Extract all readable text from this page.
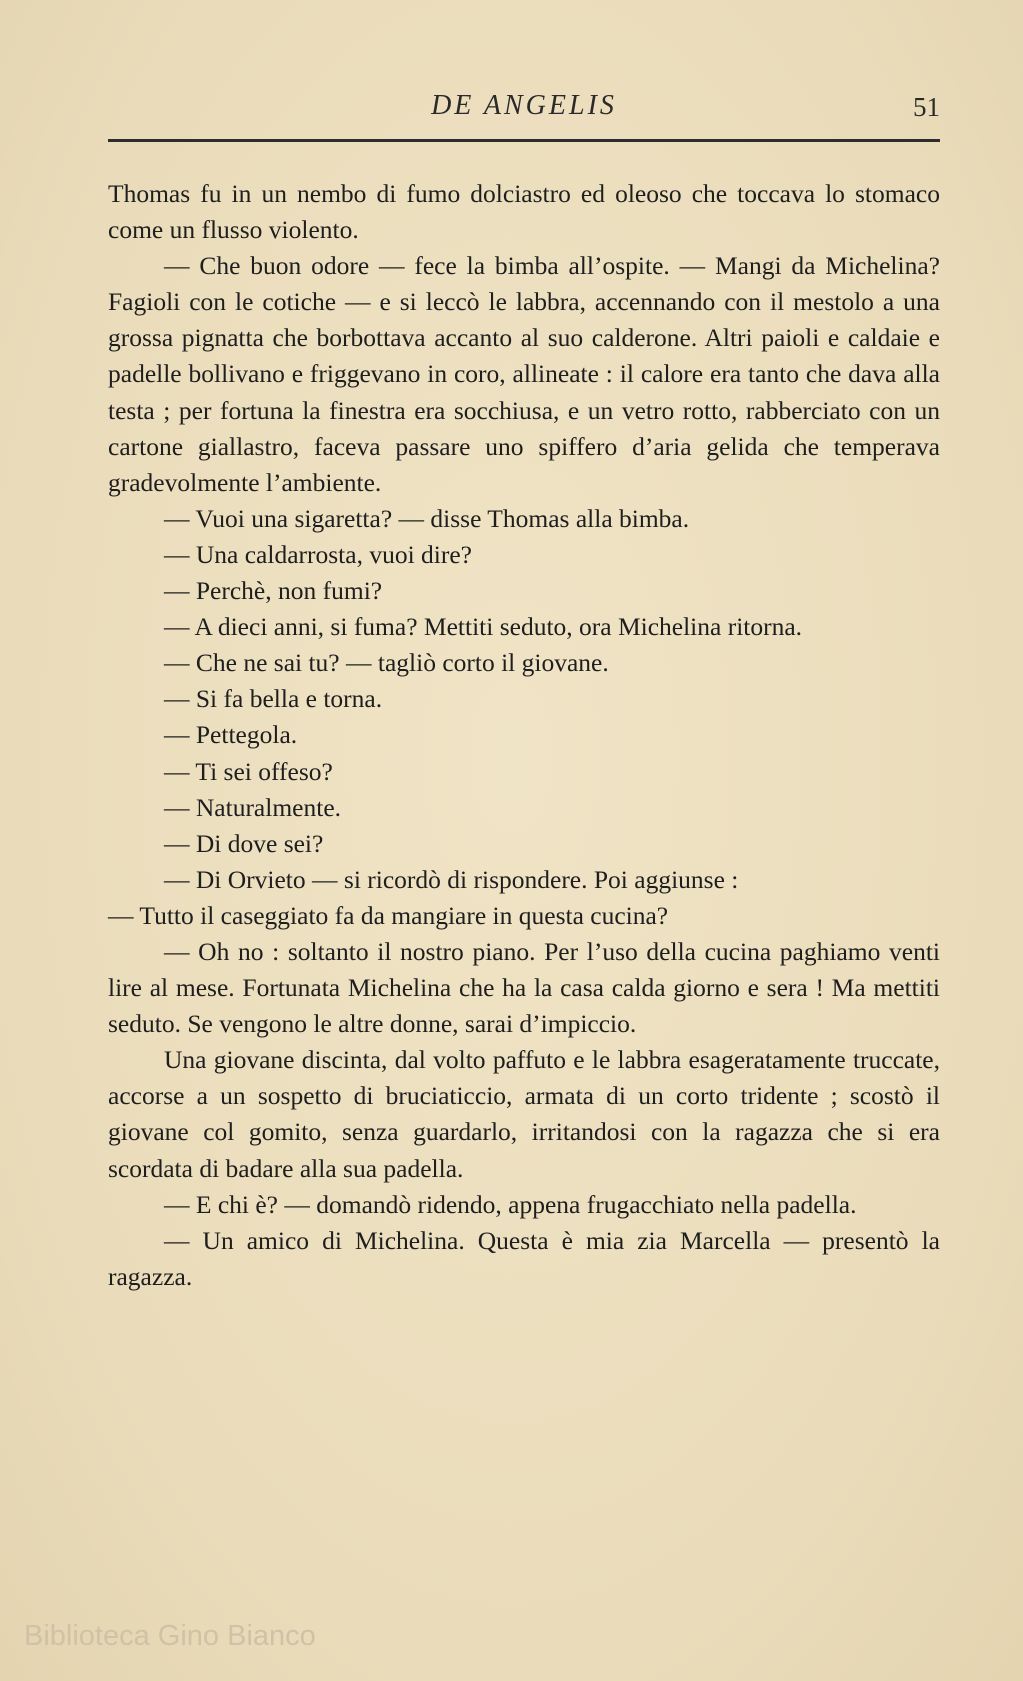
DE ANGELIS	51

Thomas fu in un nembo di fumo dolciastro ed oleoso che toccava lo stomaco come un flusso violento.

— Che buon odore — fece la bimba all’ospite. — Mangi da Michelina? Fagioli con le cotiche — e si leccò le labbra, accennando con il mestolo a una grossa pignatta che borbottava accanto al suo calderone. Altri paioli e caldaie e padelle bollivano e friggevano in coro, allineate : il calore era tanto che dava alla testa ; per fortuna la finestra era socchiusa, e un vetro rotto, rabberciato con un cartone giallastro, faceva passare uno spiffero d’aria gelida che temperava gradevolmente l’ambiente.

— Vuoi una sigaretta? — disse Thomas alla bimba.

— Una caldarrosta, vuoi dire?

— Perchè, non fumi?

— A dieci anni, si fuma? Mettiti seduto, ora Michelina ritorna.

— Che ne sai tu? — tagliò corto il giovane.

— Si fa bella e torna.

— Pettegola.

— Ti sei offeso?

— Naturalmente.

— Di dove sei?

— Di Orvieto — si ricordò di rispondere. Poi aggiunse :

— Tutto il caseggiato fa da mangiare in questa cucina?

— Oh no : soltanto il nostro piano. Per l’uso della cucina paghiamo venti lire al mese. Fortunata Michelina che ha la casa calda giorno e sera ! Ma mettiti seduto. Se vengono le altre donne, sarai d’impiccio.

Una giovane discinta, dal volto paffuto e le labbra esageratamente truccate, accorse a un sospetto di bruciaticcio, armata di un corto tridente ; scostò il giovane col gomito, senza guardarlo, irritandosi con la ragazza che si era scordata di badare alla sua padella.

— E chi è? — domandò ridendo, appena frugacchiato nella padella.

— Un amico di Michelina. Questa è mia zia Marcella — presentò la ragazza.

Biblioteca Gino Bianco
